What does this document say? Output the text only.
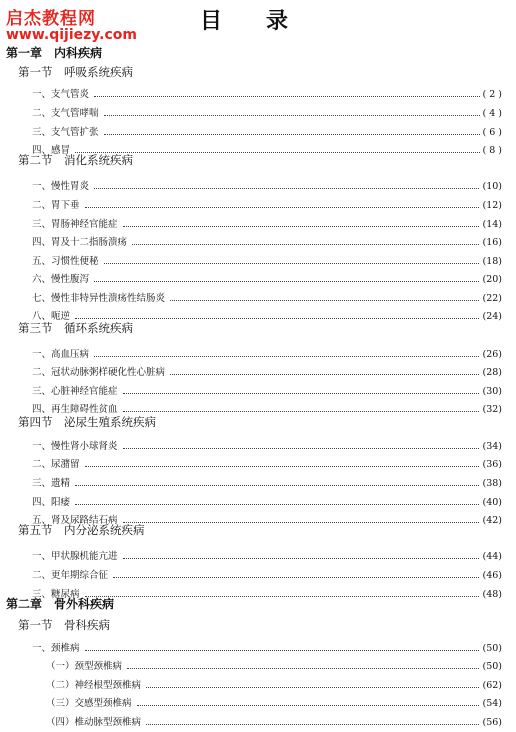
启杰教程网
www.qijiezy.com
目录
第一章　内科疾病
第一节　呼吸系统疾病
一、支气管炎	( 2 )
二、支气管哮喘	( 4 )
三、支气管扩张	( 6 )
四、感冒	( 8 )
第二节　消化系统疾病
一、慢性胃炎	(10)
二、胃下垂	(12)
三、胃肠神经官能症	(14)
四、胃及十二指肠溃疡	(16)
五、习惯性便秘	(18)
六、慢性腹泻	(20)
七、慢性非特异性溃疡性结肠炎	(22)
八、呃逆	(24)
第三节　循环系统疾病
一、高血压病	(26)
二、冠状动脉粥样硬化性心脏病	(28)
三、心脏神经官能症	(30)
四、再生障碍性贫血	(32)
第四节　泌尿生殖系统疾病
一、慢性肾小球肾炎	(34)
二、尿潴留	(36)
三、遗精	(38)
四、阳痿	(40)
五、肾及尿路结石病	(42)
第五节　内分泌系统疾病
一、甲状腺机能亢进	(44)
二、更年期综合征	(46)
三、糖尿病	(48)
第二章　骨外科疾病
第一节　骨科疾病
一、颈椎病	(50)
（一）颈型颈椎病	(50)
（二）神经根型颈椎病	(62)
（三）交感型颈椎病	(54)
（四）椎动脉型颈椎病	(56)
